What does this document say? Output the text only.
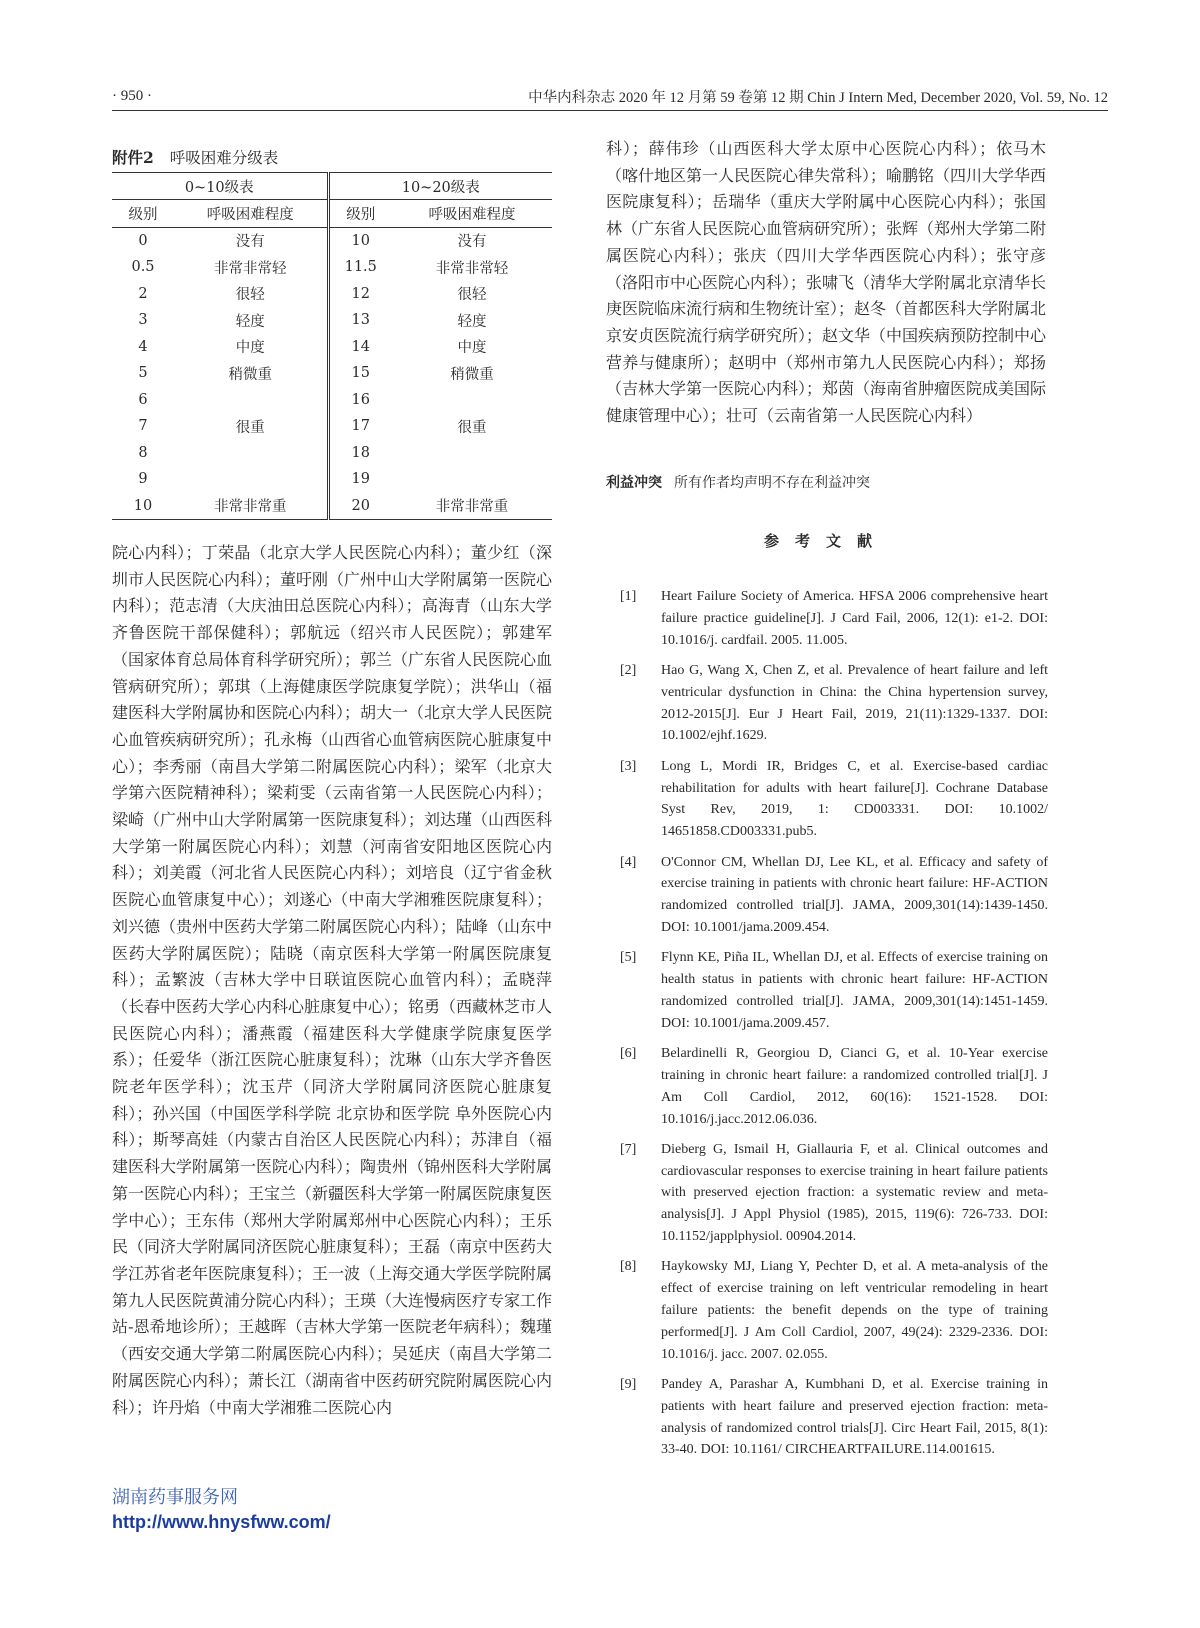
· 950 ·	中华内科杂志 2020 年 12 月第 59 卷第 12 期 Chin J Intern Med, December 2020, Vol. 59, No. 12
附件2 呼吸困难分级表
0~10级表		10~20级表	
级别	呼吸困难程度	级别	呼吸困难程度
0	没有	10	没有
0.5	非常非常轻	11.5	非常非常轻
2	很轻	12	很轻
3	轻度	13	轻度
4	中度	14	中度
5	稍微重	15	稍微重
6		16	
7	很重	17	很重
8		18	
9		19	
10	非常非常重	20	非常非常重
院心内科）；丁荣晶（北京大学人民医院心内科）；董少红（深圳市人民医院心内科）；董吁刚（广州中山大学附属第一医院心内科）；范志清（大庆油田总医院心内科）；高海青（山东大学齐鲁医院干部保健科）；郭航远（绍兴市人民医院）；郭建军（国家体育总局体育科学研究所）；郭兰（广东省人民医院心血管病研究所）；郭琪（上海健康医学院康复学院）；洪华山（福建医科大学附属协和医院心内科）；胡大一（北京大学人民医院心血管疾病研究所）；孔永梅（山西省心血管病医院心脏康复中心）；李秀丽（南昌大学第二附属医院心内科）；梁军（北京大学第六医院精神科）；梁莉雯（云南省第一人民医院心内科）；梁崎（广州中山大学附属第一医院康复科）；刘达瑾（山西医科大学第一附属医院心内科）；刘慧（河南省安阳地区医院心内科）；刘美霞（河北省人民医院心内科）；刘培良（辽宁省金秋医院心血管康复中心）；刘遂心（中南大学湘雅医院康复科）；刘兴德（贵州中医药大学第二附属医院心内科）；陆峰（山东中医药大学附属医院）；陆晓（南京医科大学第一附属医院康复科）；孟繁波（吉林大学中日联谊医院心血管内科）；孟晓萍（长春中医药大学心内科心脏康复中心）；铭勇（西藏林芝市人民医院心内科）；潘燕霞（福建医科大学健康学院康复医学系）；任爱华（浙江医院心脏康复科）；沈琳（山东大学齐鲁医院老年医学科）；沈玉芹（同济大学附属同济医院心脏康复科）；孙兴国（中国医学科学院 北京协和医学院 阜外医院心内科）；斯琴高娃（内蒙古自治区人民医院心内科）；苏津自（福建医科大学附属第一医院心内科）；陶贵州（锦州医科大学附属第一医院心内科）；王宝兰（新疆医科大学第一附属医院康复医学中心）；王东伟（郑州大学附属郑州中心医院心内科）；王乐民（同济大学附属同济医院心脏康复科）；王磊（南京中医药大学江苏省老年医院康复科）；王一波（上海交通大学医学院附属第九人民医院黄浦分院心内科）；王瑛（大连慢病医疗专家工作站-恩希地诊所）；王越晖（吉林大学第一医院老年病科）；魏瑾（西安交通大学第二附属医院心内科）；吴延庆（南昌大学第二附属医院心内科）；萧长江（湖南省中医药研究院附属医院心内科）；许丹焰（中南大学湘雅二医院心内
科）；薛伟珍（山西医科大学太原中心医院心内科）；依马木（喀什地区第一人民医院心律失常科）；喻鹏铭（四川大学华西医院康复科）；岳瑞华（重庆大学附属中心医院心内科）；张国林（广东省人民医院心血管病研究所）；张辉（郑州大学第二附属医院心内科）；张庆（四川大学华西医院心内科）；张守彦（洛阳市中心医院心内科）；张啸飞（清华大学附属北京清华长庚医院临床流行病和生物统计室）；赵冬（首都医科大学附属北京安贞医院流行病学研究所）；赵文华（中国疾病预防控制中心营养与健康所）；赵明中（郑州市第九人民医院心内科）；郑扬（吉林大学第一医院心内科）；郑茵（海南省肿瘤医院成美国际健康管理中心）；壮可（云南省第一人民医院心内科）
利益冲突 所有作者均声明不存在利益冲突
参考文献
[1]	Heart Failure Society of America. HFSA 2006 comprehensive heart failure practice guideline[J]. J Card Fail, 2006, 12(1): e1-2. DOI: 10.1016/j. cardfail. 2005. 11.005.
[2]	Hao G, Wang X, Chen Z, et al. Prevalence of heart failure and left ventricular dysfunction in China: the China hypertension survey, 2012-2015[J]. Eur J Heart Fail, 2019, 21(11):1329-1337. DOI: 10.1002/ejhf.1629.
[3]	Long L, Mordi IR, Bridges C, et al. Exercise-based cardiac rehabilitation for adults with heart failure[J]. Cochrane Database Syst Rev, 2019, 1: CD003331. DOI: 10.1002/ 14651858.CD003331.pub5.
[4]	O'Connor CM, Whellan DJ, Lee KL, et al. Efficacy and safety of exercise training in patients with chronic heart failure: HF-ACTION randomized controlled trial[J]. JAMA, 2009,301(14):1439-1450. DOI: 10.1001/jama.2009.454.
[5]	Flynn KE, Piña IL, Whellan DJ, et al. Effects of exercise training on health status in patients with chronic heart failure: HF-ACTION randomized controlled trial[J]. JAMA, 2009,301(14):1451-1459. DOI: 10.1001/jama.2009.457.
[6]	Belardinelli R, Georgiou D, Cianci G, et al. 10-Year exercise training in chronic heart failure: a randomized controlled trial[J]. J Am Coll Cardiol, 2012, 60(16): 1521-1528. DOI: 10.1016/j.jacc.2012.06.036.
[7]	Dieberg G, Ismail H, Giallauria F, et al. Clinical outcomes and cardiovascular responses to exercise training in heart failure patients with preserved ejection fraction: a systematic review and meta-analysis[J]. J Appl Physiol (1985), 2015, 119(6): 726-733. DOI: 10.1152/japplphysiol. 00904.2014.
[8]	Haykowsky MJ, Liang Y, Pechter D, et al. A meta-analysis of the effect of exercise training on left ventricular remodeling in heart failure patients: the benefit depends on the type of training performed[J]. J Am Coll Cardiol, 2007, 49(24): 2329-2336. DOI: 10.1016/j. jacc. 2007. 02.055.
[9]	Pandey A, Parashar A, Kumbhani D, et al. Exercise training in patients with heart failure and preserved ejection fraction: meta-analysis of randomized control trials[J]. Circ Heart Fail, 2015, 8(1): 33-40. DOI: 10.1161/ CIRCHEARTFAILURE.114.001615.
湖南药事服务网
http://www.hnysfww.com/
